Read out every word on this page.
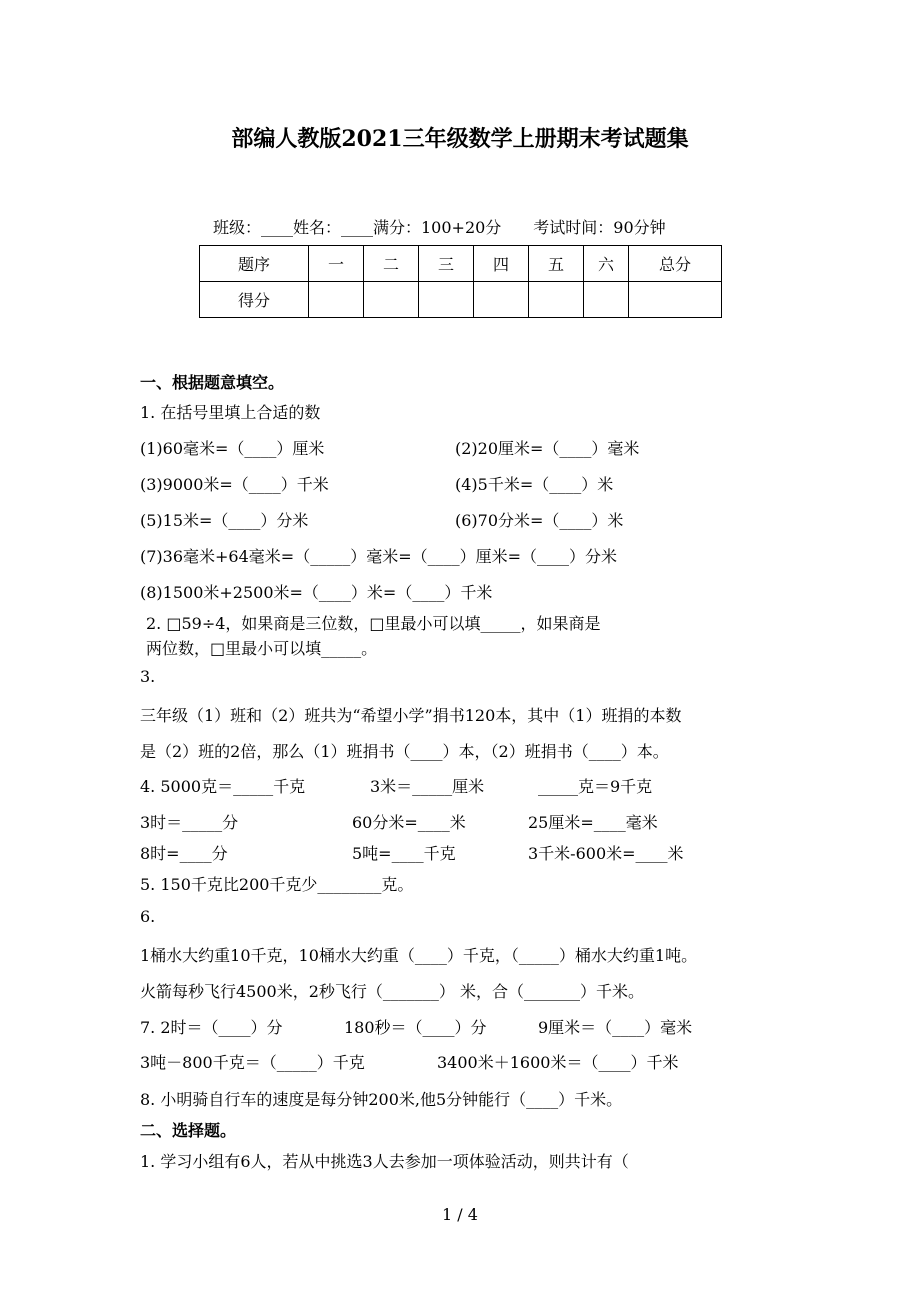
部编人教版2021三年级数学上册期末考试题集
班级：____姓名：____满分：100+20分　　考试时间：90分钟
题序	一	二	三	四	五	六	总分
得分							
一、根据题意填空。
1. 在括号里填上合适的数
(1)60毫米=（____）厘米	(2)20厘米=（____）毫米
(3)9000米=（____）千米	(4)5千米=（____）米
(5)15米=（____）分米	(6)70分米=（____）米
(7)36毫米+64毫米=（_____）毫米=（____）厘米=（____）分米
(8)1500米+2500米=（____）米=（____）千米
2. □59÷4，如果商是三位数，□里最小可以填_____，如果商是
两位数，□里最小可以填_____。
3.
三年级（1）班和（2）班共为“希望小学”捐书120本，其中（1）班捐的本数
是（2）班的2倍，那么（1）班捐书（____）本，（2）班捐书（____）本。
4. 5000克＝_____千克	3米＝_____厘米	_____克＝9千克
3时＝_____分	60分米=____米	25厘米=____毫米
8时=____分	5吨=____千克	3千米-600米=____米
5. 150千克比200千克少________克。
6.
1桶水大约重10千克，10桶水大约重（____）千克，（_____）桶水大约重1吨。
火箭每秒飞行4500米，2秒飞行（_______） 米，合（_______）千米。
7. 2时＝（____）分	180秒＝（____）分	9厘米＝（____）毫米
3吨－800千克＝（_____）千克	3400米＋1600米＝（____）千米
8. 小明骑自行车的速度是每分钟200米,他5分钟能行（____）千米。
二、选择题。
1. 学习小组有6人，若从中挑选3人去参加一项体验活动，则共计有（
1 / 4
